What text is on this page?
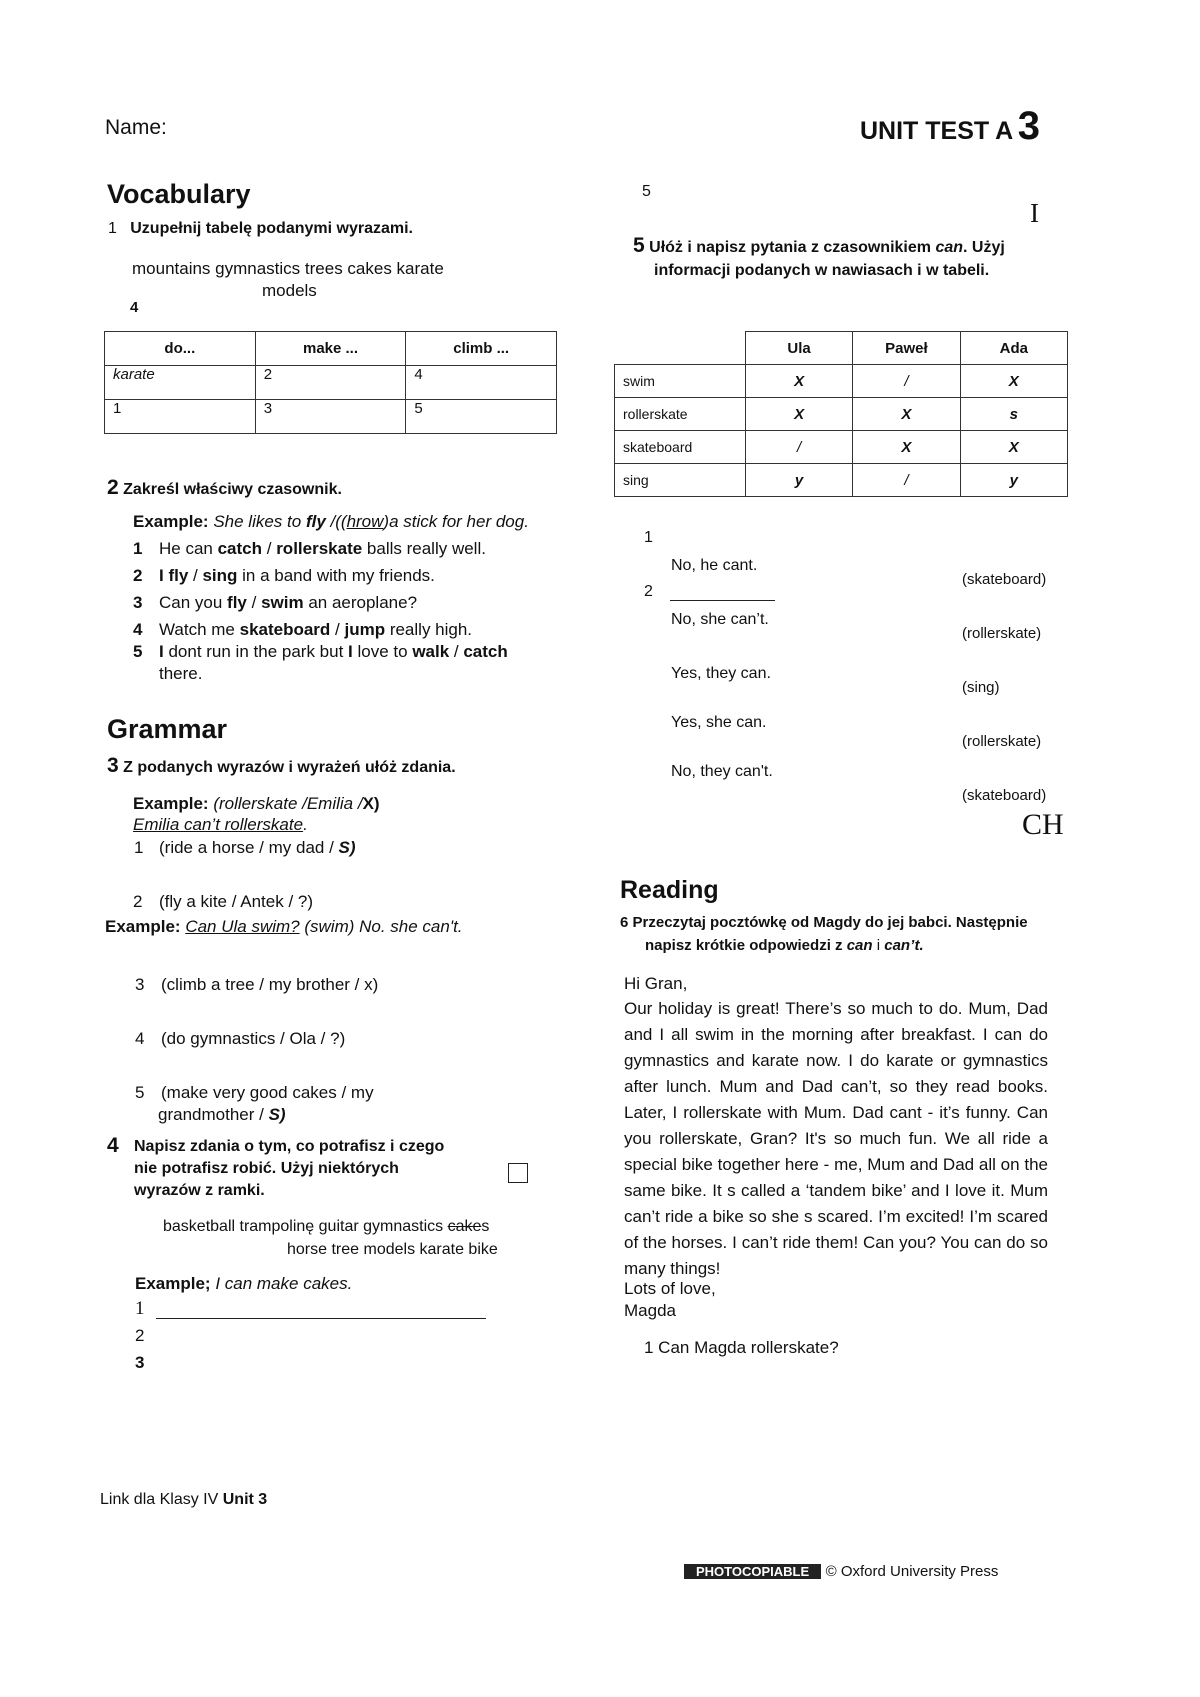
Name:	UNIT TEST A 3
Vocabulary
1 Uzupełnij tabelę podanymi wyrazami.
mountains gymnastics trees cakes karate
models
4
do...	make ...	climb ...
karate	2	4
1	3	5
2 Zakreśl właściwy czasownik.
Example: She likes to fly /((hrow)a stick for her dog.
1 He can catch / rollerskate balls really well.
2 I fly / sing in a band with my friends.
3 Can you fly / swim an aeroplane?
4 Watch me skateboard / jump really high.
5 I dont run in the park but I love to walk / catch
there.
Grammar
3 Z podanych wyrazów i wyrażeń ułóż zdania.
Example: (rollerskate /Emilia /X)
Emilia can’t rollerskate.
1 (ride a horse / my dad / S)
2 (fly a kite / Antek / ?)
Example: Can Ula swim? (swim) No. she can't.
3 (climb a tree / my brother / x)
4 (do gymnastics / Ola / ?)
5 (make very good cakes / my
grandmother / S)
4 Napisz zdania o tym, co potrafisz i czego
nie potrafisz robić. Użyj niektórych
wyrazów z ramki.
basketball trampolinę guitar gymnastics cakes
horse tree models karate bike
Example; I can make cakes.
1
2
3
5
I
5 Ułóż i napisz pytania z czasownikiem can. Użyj
informacji podanych w nawiasach i w tabeli.
	Ula	Paweł	Ada
swim	X	/	X
rollerskate	X	X	s
skateboard	/	X	X
sing	y	/	y
1
2
No, he cant.
No, she can’t.
Yes, they can.
Yes, she can.
No, they can't.
(skateboard)
(rollerskate)
(sing)
(rollerskate)
(skateboard)
CH
Reading
6 Przeczytaj pocztówkę od Magdy do jej babci. Następnie
napisz krótkie odpowiedzi z can i can’t.
Hi Gran,
Our holiday is great! There’s so much to do. Mum, Dad and I all swim in the morning after breakfast. I can do gymnastics and karate now. I do karate or gymnastics after lunch. Mum and Dad can’t, so they read books. Later, I rollerskate with Mum. Dad cant - it’s funny. Can you rollerskate, Gran? It's so much fun. We all ride a special bike together here - me, Mum and Dad all on the same bike. It s called a ‘tandem bike’ and I love it. Mum can’t ride a bike so she s scared. I’m excited! I’m scared of the horses. I can’t ride them! Can you? You can do so many things!
Lots of love,
Magda
1 Can Magda rollerskate?
Link dla Klasy IV Unit 3
PHOTOCOPIABLE © Oxford University Press
